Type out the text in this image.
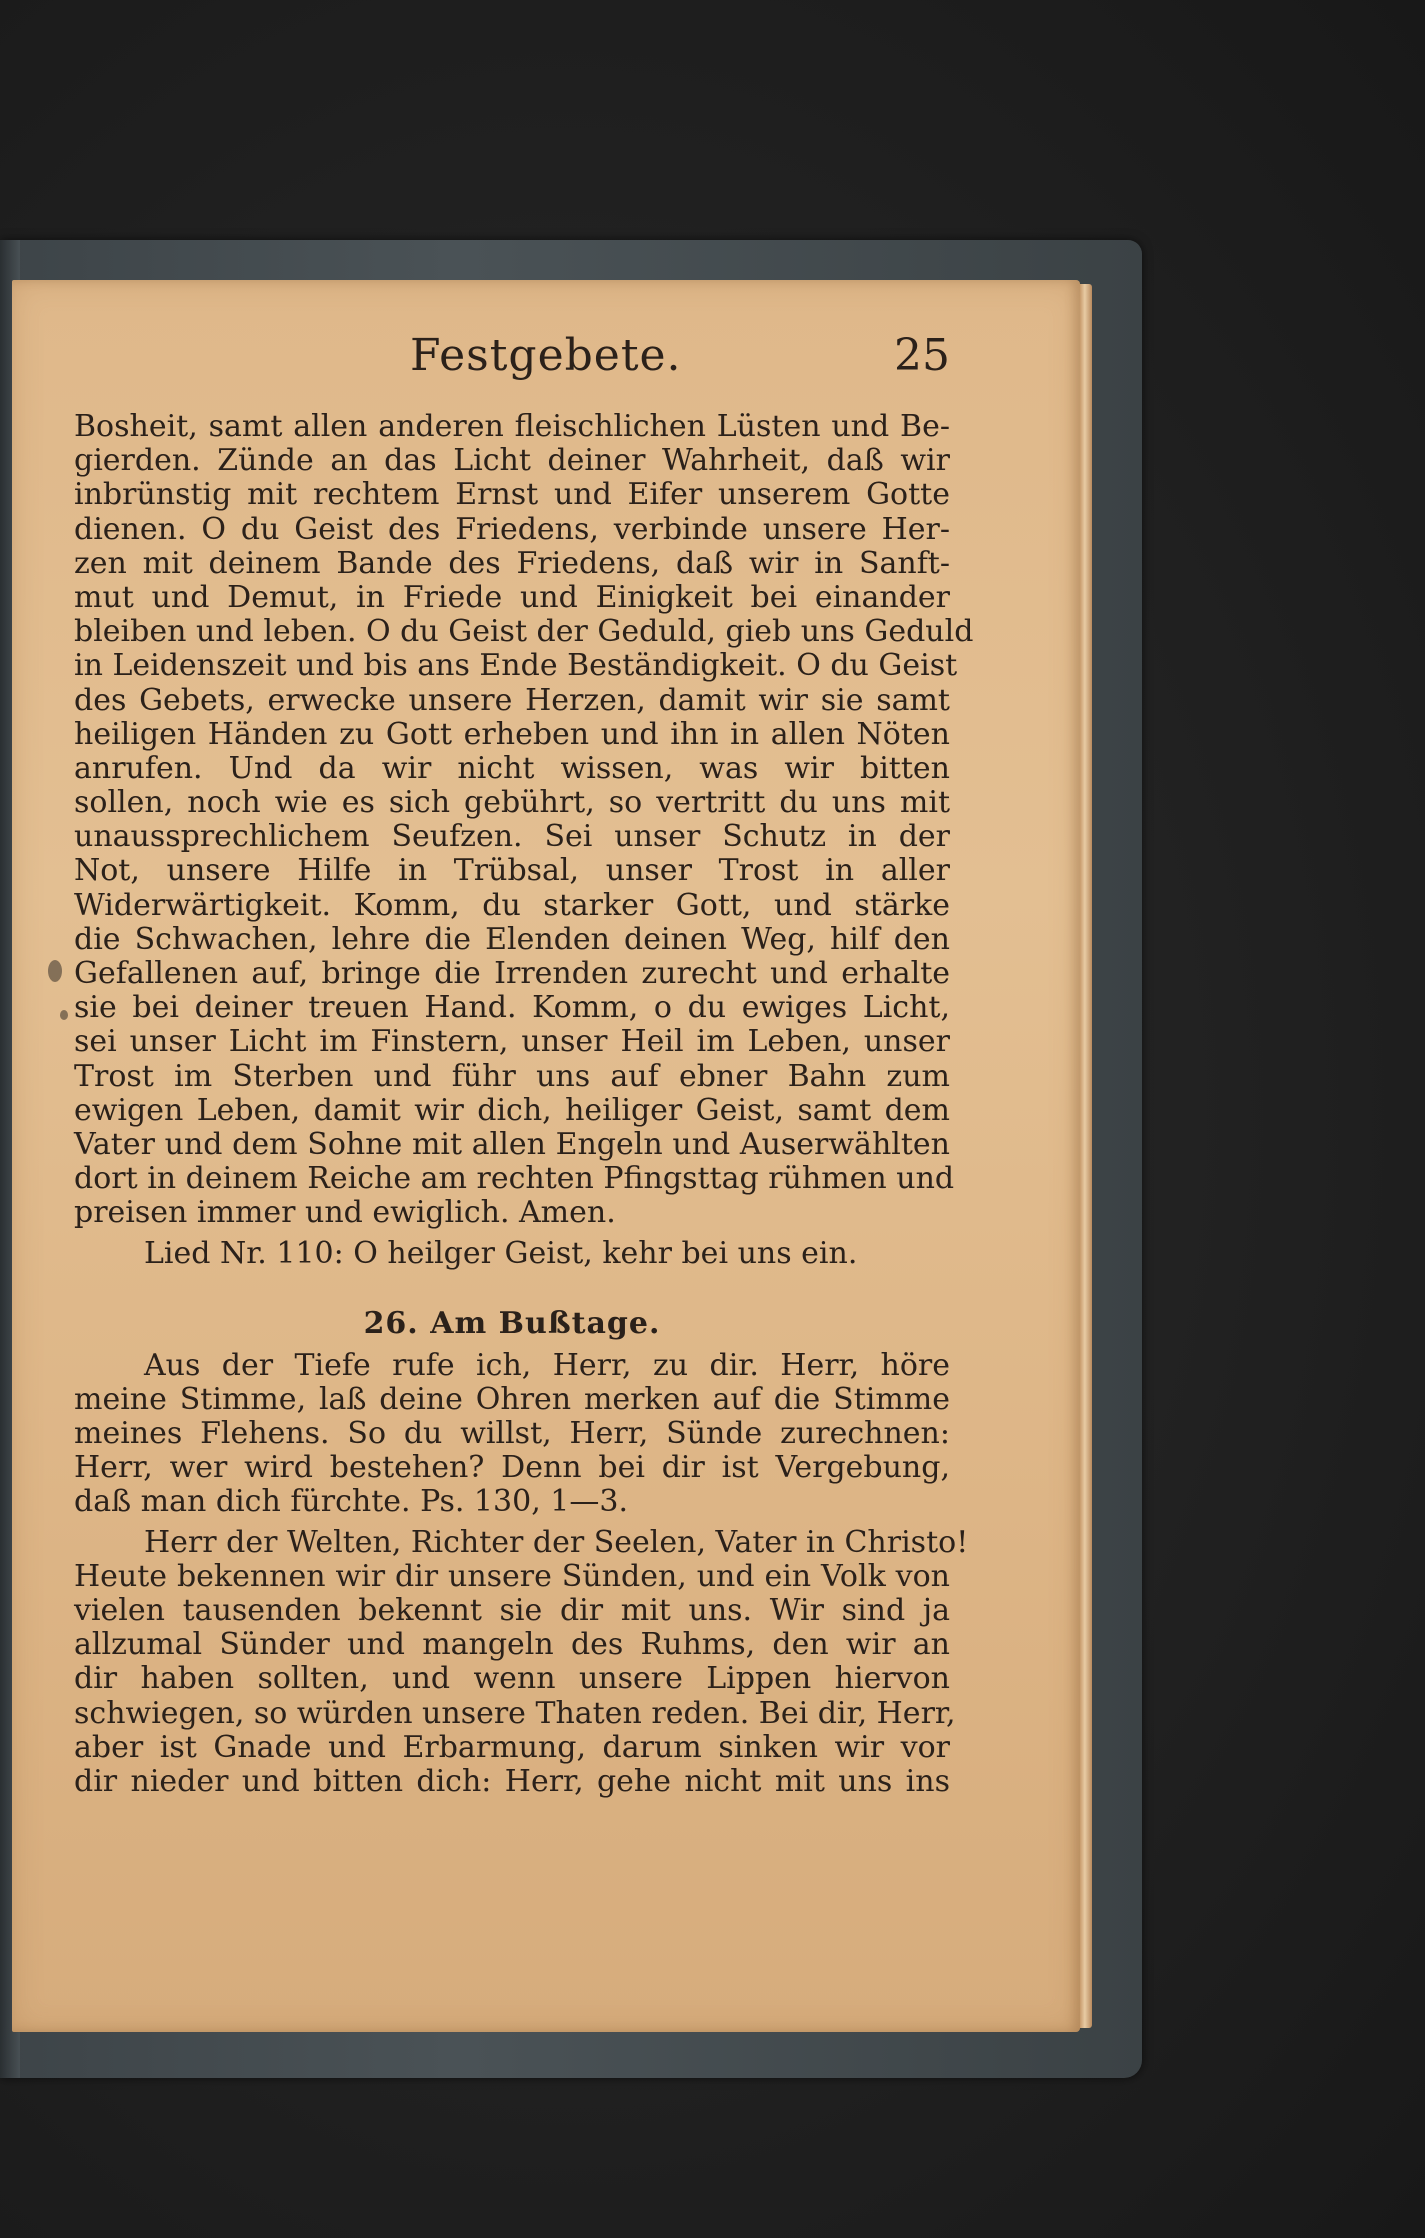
Festgebete.	25
Bosheit, samt allen anderen fleischlichen Lüsten und Be-
gierden. Zünde an das Licht deiner Wahrheit, daß wir
inbrünstig mit rechtem Ernst und Eifer unserem Gotte
dienen. O du Geist des Friedens, verbinde unsere Her-
zen mit deinem Bande des Friedens, daß wir in Sanft-
mut und Demut, in Friede und Einigkeit bei einander
bleiben und leben. O du Geist der Geduld, gieb uns Geduld
in Leidenszeit und bis ans Ende Beständigkeit. O du Geist
des Gebets, erwecke unsere Herzen, damit wir sie samt
heiligen Händen zu Gott erheben und ihn in allen Nöten
anrufen. Und da wir nicht wissen, was wir bitten
sollen, noch wie es sich gebührt, so vertritt du uns mit
unaussprechlichem Seufzen. Sei unser Schutz in der
Not, unsere Hilfe in Trübsal, unser Trost in aller
Widerwärtigkeit. Komm, du starker Gott, und stärke
die Schwachen, lehre die Elenden deinen Weg, hilf den
Gefallenen auf, bringe die Irrenden zurecht und erhalte
sie bei deiner treuen Hand. Komm, o du ewiges Licht,
sei unser Licht im Finstern, unser Heil im Leben, unser
Trost im Sterben und führ uns auf ebner Bahn zum
ewigen Leben, damit wir dich, heiliger Geist, samt dem
Vater und dem Sohne mit allen Engeln und Auserwählten
dort in deinem Reiche am rechten Pfingsttag rühmen und
preisen immer und ewiglich. Amen.
Lied Nr. 110: O heilger Geist, kehr bei uns ein.
26. Am Bußtage.
Aus der Tiefe rufe ich, Herr, zu dir. Herr, höre
meine Stimme, laß deine Ohren merken auf die Stimme
meines Flehens. So du willst, Herr, Sünde zurechnen:
Herr, wer wird bestehen? Denn bei dir ist Vergebung,
daß man dich fürchte. Ps. 130, 1—3.
Herr der Welten, Richter der Seelen, Vater in Christo!
Heute bekennen wir dir unsere Sünden, und ein Volk von
vielen tausenden bekennt sie dir mit uns. Wir sind ja
allzumal Sünder und mangeln des Ruhms, den wir an
dir haben sollten, und wenn unsere Lippen hiervon
schwiegen, so würden unsere Thaten reden. Bei dir, Herr,
aber ist Gnade und Erbarmung, darum sinken wir vor
dir nieder und bitten dich: Herr, gehe nicht mit uns ins
